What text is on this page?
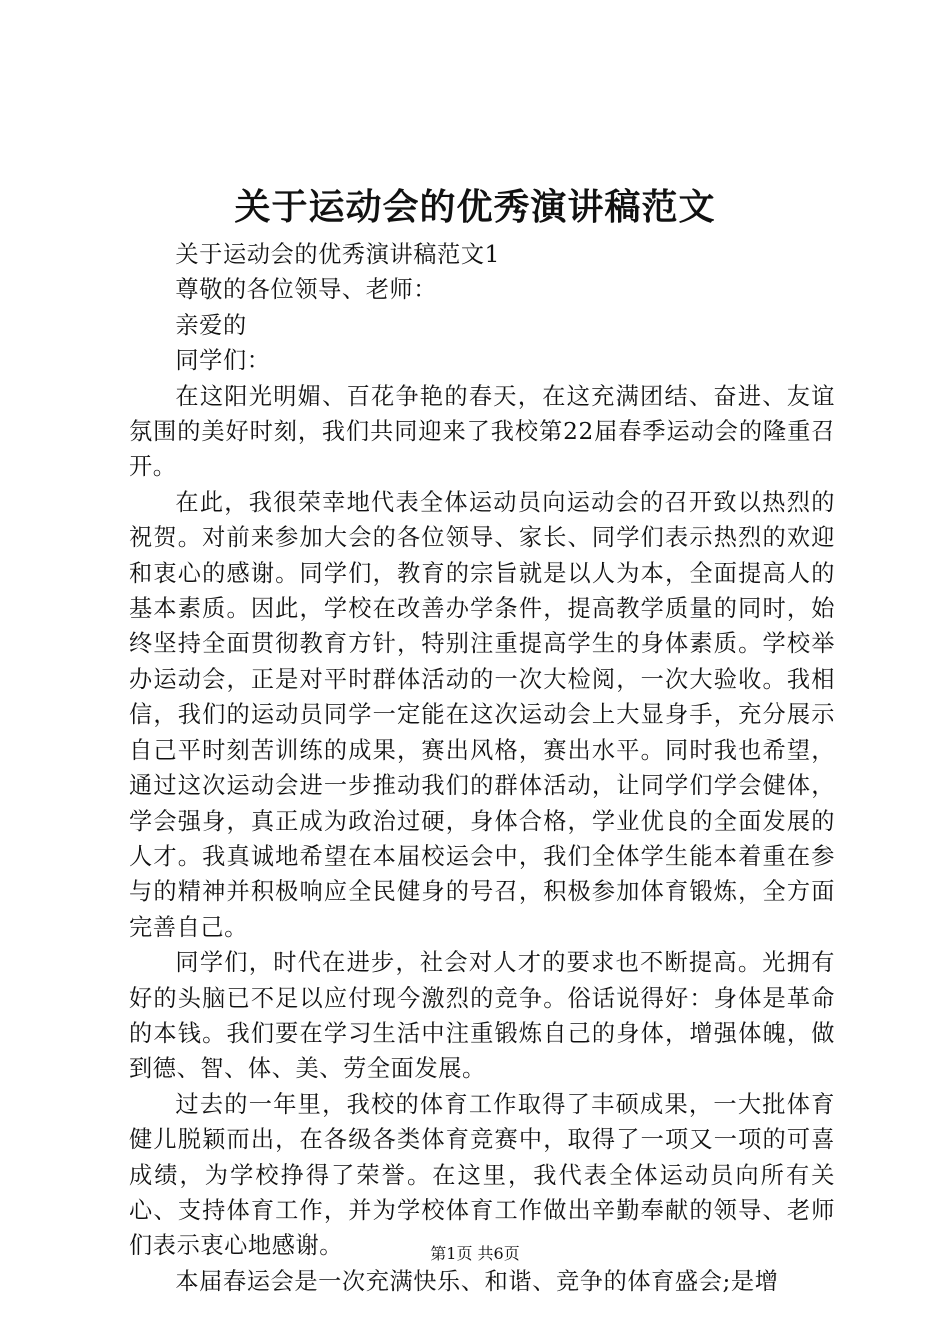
关于运动会的优秀演讲稿范文

关于运动会的优秀演讲稿范文1

尊敬的各位领导、老师：

亲爱的

同学们：

在这阳光明媚、百花争艳的春天，在这充满团结、奋进、友谊氛围的美好时刻，我们共同迎来了我校第22届春季运动会的隆重召开。

在此，我很荣幸地代表全体运动员向运动会的召开致以热烈的祝贺。对前来参加大会的各位领导、家长、同学们表示热烈的欢迎和衷心的感谢。同学们，教育的宗旨就是以人为本，全面提高人的基本素质。因此，学校在改善办学条件，提高教学质量的同时，始终坚持全面贯彻教育方针，特别注重提高学生的身体素质。学校举办运动会，正是对平时群体活动的一次大检阅，一次大验收。我相信，我们的运动员同学一定能在这次运动会上大显身手，充分展示自己平时刻苦训练的成果，赛出风格，赛出水平。同时我也希望，通过这次运动会进一步推动我们的群体活动，让同学们学会健体，学会强身，真正成为政治过硬，身体合格，学业优良的全面发展的人才。我真诚地希望在本届校运会中，我们全体学生能本着重在参与的精神并积极响应全民健身的号召，积极参加体育锻炼，全方面完善自己。

同学们，时代在进步，社会对人才的要求也不断提高。光拥有好的头脑已不足以应付现今激烈的竞争。俗话说得好：身体是革命的本钱。我们要在学习生活中注重锻炼自己的身体，增强体魄，做到德、智、体、美、劳全面发展。

过去的一年里，我校的体育工作取得了丰硕成果，一大批体育健儿脱颖而出，在各级各类体育竞赛中，取得了一项又一项的可喜成绩，为学校挣得了荣誉。在这里，我代表全体运动员向所有关心、支持体育工作，并为学校体育工作做出辛勤奉献的领导、老师们表示衷心地感谢。

本届春运会是一次充满快乐、和谐、竞争的体育盛会;是增

第1页 共6页
